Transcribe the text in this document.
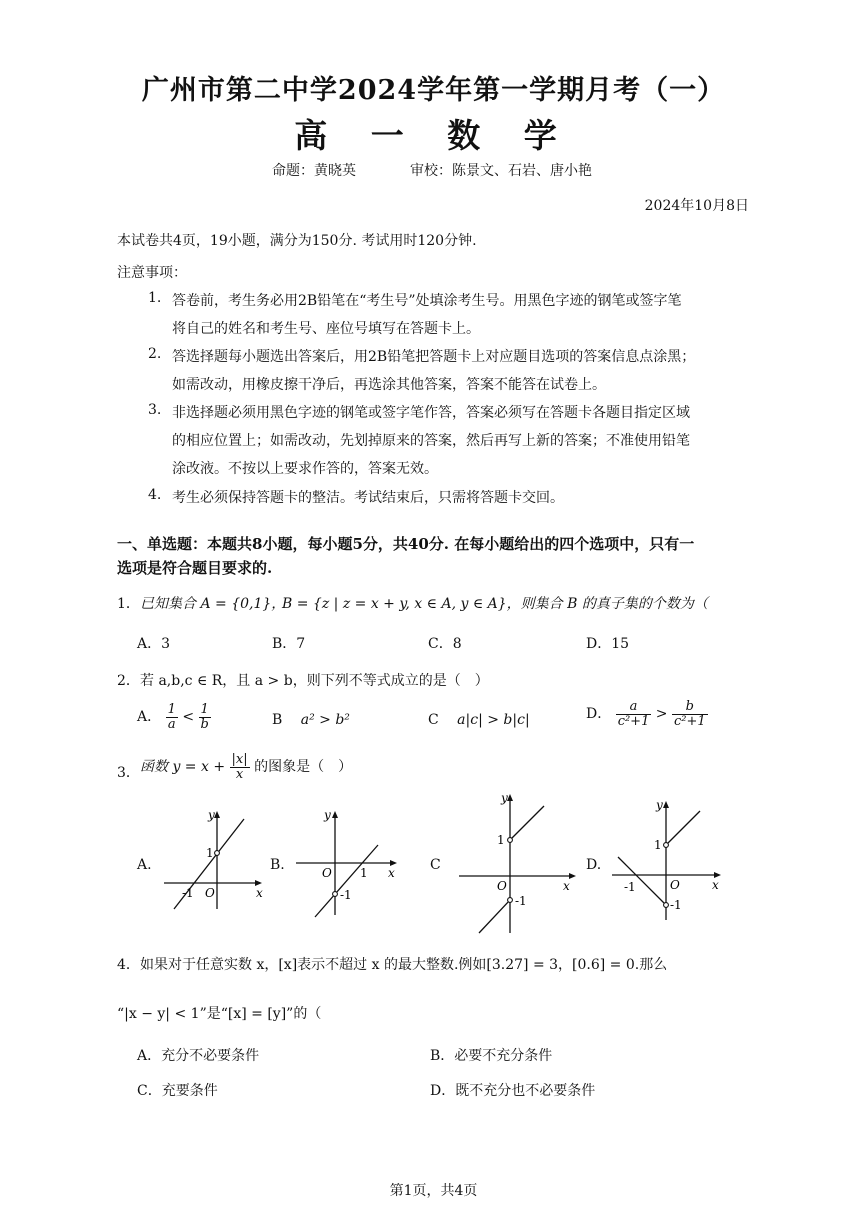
广州市第二中学2024学年第一学期月考（一）
高 一 数 学
命题：黄晓英	审校：陈景文、石岩、唐小艳
2024年10月8日
本试卷共4页，19小题，满分为150分. 考试用时120分钟.
注意事项：
1. 答卷前，考生务必用2B铅笔在“考生号”处填涂考生号。用黑色字迹的钢笔或签字笔
将自己的姓名和考生号、座位号填写在答题卡上。
2. 答选择题每小题选出答案后，用2B铅笔把答题卡上对应题目选项的答案信息点涂黑；
如需改动，用橡皮擦干净后，再选涂其他答案，答案不能答在试卷上。
3. 非选择题必须用黑色字迹的钢笔或签字笔作答，答案必须写在答题卡各题目指定区域
的相应位置上；如需改动，先划掉原来的答案，然后再写上新的答案；不准使用铅笔
涂改液。不按以上要求作答的，答案无效。
4. 考生必须保持答题卡的整洁。考试结束后，只需将答题卡交回。
一、单选题：本题共8小题，每小题5分，共40分. 在每小题给出的四个选项中，只有一
选项是符合题目要求的.
1． 已知集合 A = {0,1}，
B = {z | z = x + y, x ∈ A, y ∈ A}，则集合 B 的真子集的个数为（
A．3	B．7	C．8	D．15
2． 若 a,b,c ∈ R，且 a > b，则下列不等式成立的是（　）
A． $\frac{1}{a} < \frac{1}{b}$	B a² > b²	C a|c| > b|c|	D． $\frac{a}{\text{c²+1}} > \frac{b}{\text{c²+1}}$
3． 函数 $y = x + \frac{|x|}{x}$ 的图象是（　）
A.	B.	C	D.
x
y
O
1
-1
x
y
O 1
-1
x
y
O
1
-1
x
y
O
1
-1
-1
4． 如果对于任意实数 x，[x]表示不超过 x 的最大整数.例如[3.27] = 3，[0.6] = 0.那么
“|x − y| < 1”是“[x] = [y]”的（
A．充分不必要条件	B．必要不充分条件
C．充要条件	D．既不充分也不必要条件
第1页，共4页
